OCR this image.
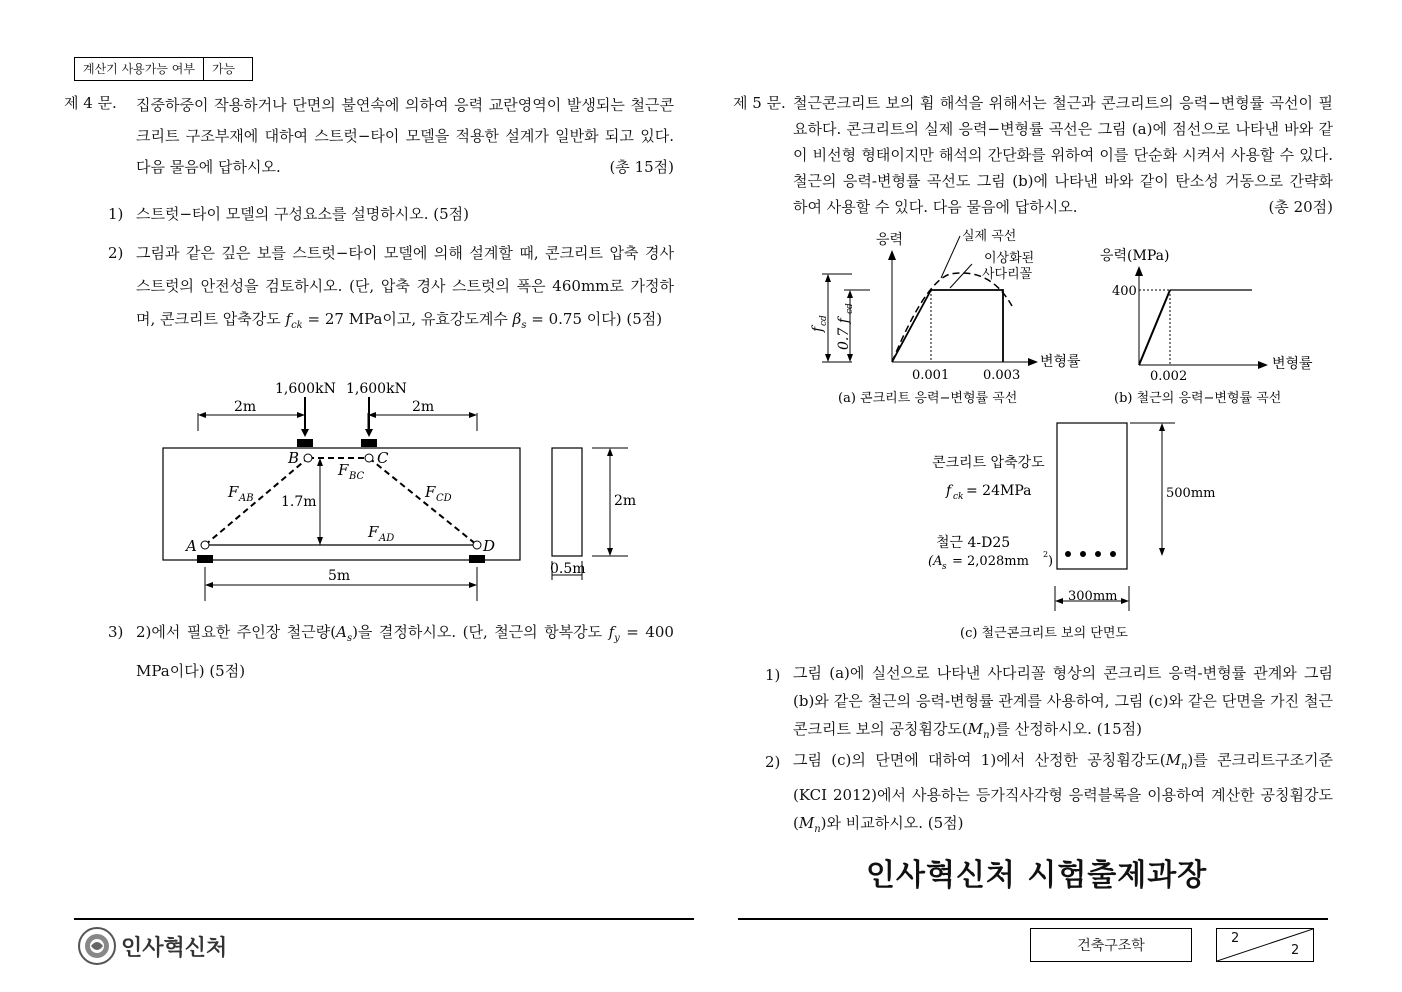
계산기 사용가능 여부	가능
제 4 문. 집중하중이 작용하거나 단면의 불연속에 의하여 응력 교란영역이 발생되는 철근콘크리트 구조부재에 대하여 스트럿−타이 모델을 적용한 설계가 일반화 되고 있다. 다음 물음에 답하시오.	(총 15점)
1) 스트럿−타이 모델의 구성요소를 설명하시오. (5점)
2) 그림과 같은 깊은 보를 스트럿−타이 모델에 의해 설계할 때, 콘크리트 압축 경사 스트럿의 안전성을 검토하시오. (단, 압축 경사 스트럿의 폭은 460mm로 가정하며, 콘크리트 압축강도 $f_{ck} = 27$ MPa이고, 유효강도계수 $\beta_s = 0.75$ 이다) (5점)
1,600kN 1,600kN
2m	2m
A
B	C
D
F AB
F BC
F CD
F AD
1.7m
5m
2m
0.5m
3) 2)에서 필요한 주인장 철근량$(A_s)$을 결정하시오. (단, 철근의 항복강도 $f_y = 400$ MPa이다) (5점)
제 5 문. 철근콘크리트 보의 휨 해석을 위해서는 철근과 콘크리트의 응력−변형률 곡선이 필요하다. 콘크리트의 실제 응력−변형률 곡선은 그림 (a)에 점선으로 나타낸 바와 같이 비선형 형태이지만 해석의 간단화를 위하여 이를 단순화 시켜서 사용할 수 있다. 철근의 응력-변형률 곡선도 그림 (b)에 나타낸 바와 같이 탄소성 거동으로 간략화 하여 사용할 수 있다. 다음 물음에 답하시오.	(총 20점)
응력
변형률
실제 곡선
이상화된
사다리꼴
f
cd 0.7 f
cd
0.001	0.003
(a) 콘크리트 응력−변형률 곡선
응력(MPa)
변형률
400
0.002
(b) 철근의 응력−변형률 곡선
콘크리트 압축강도
f ck = 24MPa
철근 4-D25
(A s = 2,028mm 2 )
500mm
300mm
(c) 철근콘크리트 보의 단면도
1) 그림 (a)에 실선으로 나타낸 사다리꼴 형상의 콘크리트 응력-변형률 관계와 그림 (b)와 같은 철근의 응력-변형률 관계를 사용하여, 그림 (c)와 같은 단면을 가진 철근콘크리트 보의 공칭휨강도$(M_n)$를 산정하시오. (15점)
2) 그림 (c)의 단면에 대하여 1)에서 산정한 공칭휨강도$(M_n)$를 콘크리트구조기준 (KCI 2012)에서 사용하는 등가직사각형 응력블록을 이용하여 계산한 공칭휨강도$(M_n)$와 비교하시오. (5점)
인사혁신처 시험출제과장
인사혁신처	건축구조학	2
2
